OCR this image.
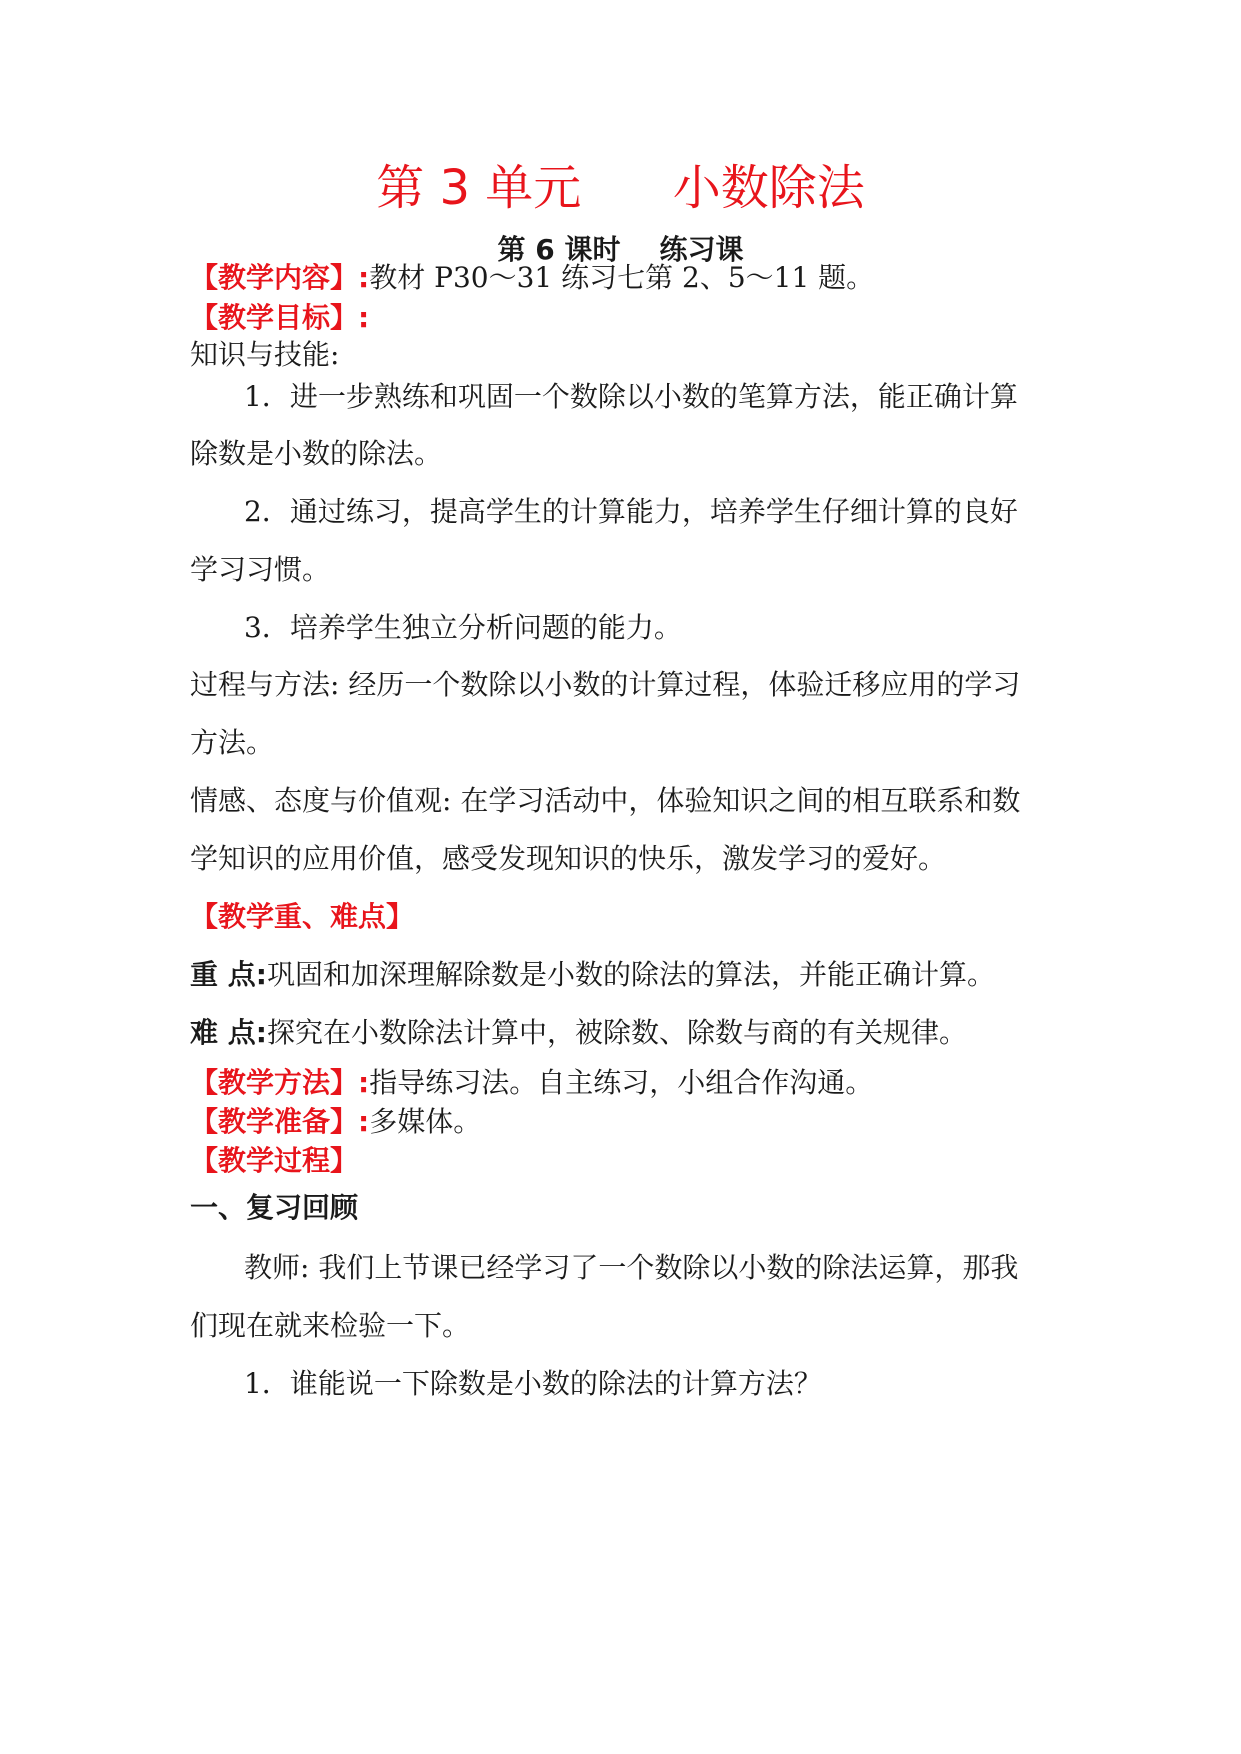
第 3 单元      小数除法
第 6 课时    练习课
【教学内容】:教材 P30～31 练习七第 2、5～11 题。
【教学目标】:
知识与技能:
1．进一步熟练和巩固一个数除以小数的笔算方法，能正确计算
除数是小数的除法。
2．通过练习，提高学生的计算能力，培养学生仔细计算的良好
学习习惯。
3．培养学生独立分析问题的能力。
过程与方法: 经历一个数除以小数的计算过程，体验迁移应用的学习
方法。
情感、态度与价值观: 在学习活动中，体验知识之间的相互联系和数
学知识的应用价值，感受发现知识的快乐，激发学习的爱好。
【教学重、难点】
重 点:巩固和加深理解除数是小数的除法的算法，并能正确计算。
难 点:探究在小数除法计算中，被除数、除数与商的有关规律。
【教学方法】:指导练习法。自主练习，小组合作沟通。
【教学准备】:多媒体。
【教学过程】
一、复习回顾
教师: 我们上节课已经学习了一个数除以小数的除法运算，那我
们现在就来检验一下。
1．谁能说一下除数是小数的除法的计算方法？
